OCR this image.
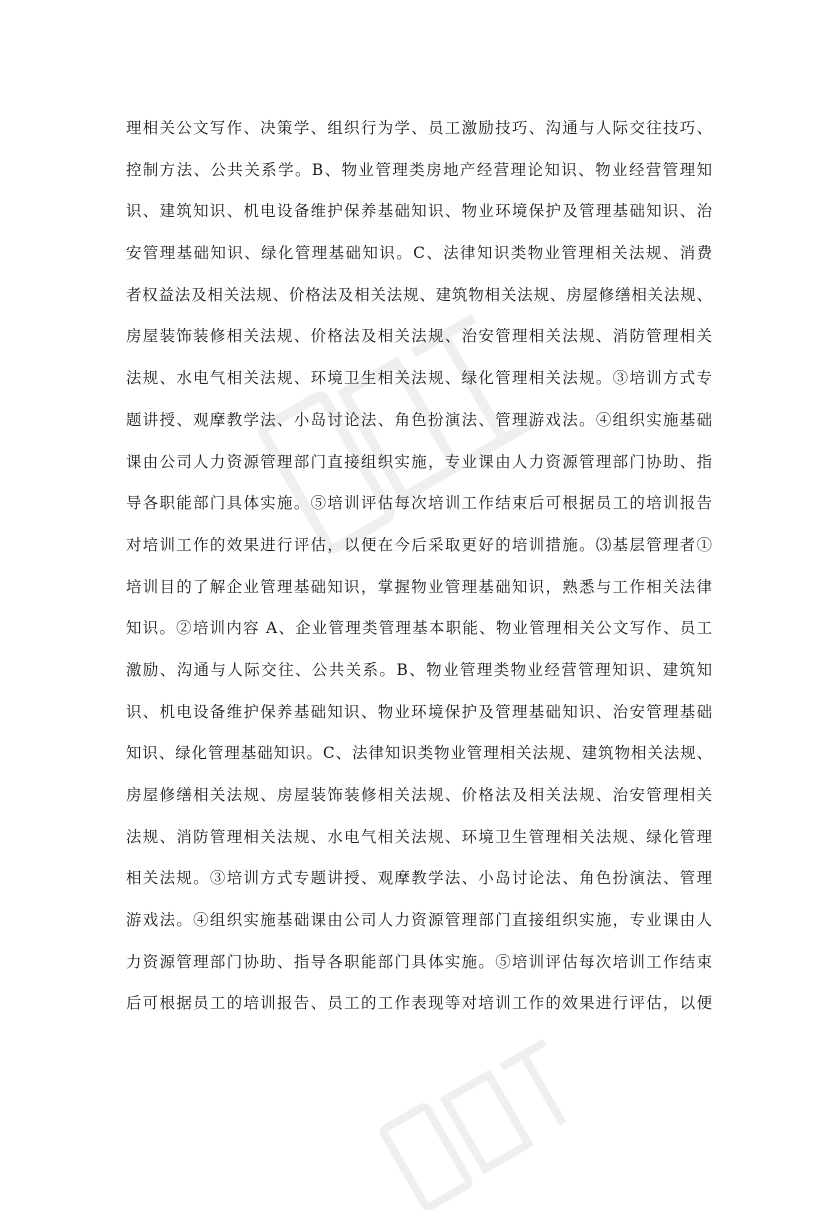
理相关公文写作、决策学、组织行为学、员工激励技巧、沟通与人际交往技巧、
控制方法、公共关系学。B、物业管理类房地产经营理论知识、物业经营管理知
识、建筑知识、机电设备维护保养基础知识、物业环境保护及管理基础知识、治
安管理基础知识、绿化管理基础知识。C、法律知识类物业管理相关法规、消费
者权益法及相关法规、价格法及相关法规、建筑物相关法规、房屋修缮相关法规、
房屋装饰装修相关法规、价格法及相关法规、治安管理相关法规、消防管理相关
法规、水电气相关法规、环境卫生相关法规、绿化管理相关法规。③培训方式专
题讲授、观摩教学法、小岛讨论法、角色扮演法、管理游戏法。④组织实施基础
课由公司人力资源管理部门直接组织实施，专业课由人力资源管理部门协助、指
导各职能部门具体实施。⑤培训评估每次培训工作结束后可根据员工的培训报告
对培训工作的效果进行评估，以便在今后采取更好的培训措施。⑶基层管理者①
培训目的了解企业管理基础知识，掌握物业管理基础知识，熟悉与工作相关法律
知识。②培训内容 A、企业管理类管理基本职能、物业管理相关公文写作、员工
激励、沟通与人际交往、公共关系。B、物业管理类物业经营管理知识、建筑知
识、机电设备维护保养基础知识、物业环境保护及管理基础知识、治安管理基础
知识、绿化管理基础知识。C、法律知识类物业管理相关法规、建筑物相关法规、
房屋修缮相关法规、房屋装饰装修相关法规、价格法及相关法规、治安管理相关
法规、消防管理相关法规、水电气相关法规、环境卫生管理相关法规、绿化管理
相关法规。③培训方式专题讲授、观摩教学法、小岛讨论法、角色扮演法、管理
游戏法。④组织实施基础课由公司人力资源管理部门直接组织实施，专业课由人
力资源管理部门协助、指导各职能部门具体实施。⑤培训评估每次培训工作结束
后可根据员工的培训报告、员工的工作表现等对培训工作的效果进行评估，以便
